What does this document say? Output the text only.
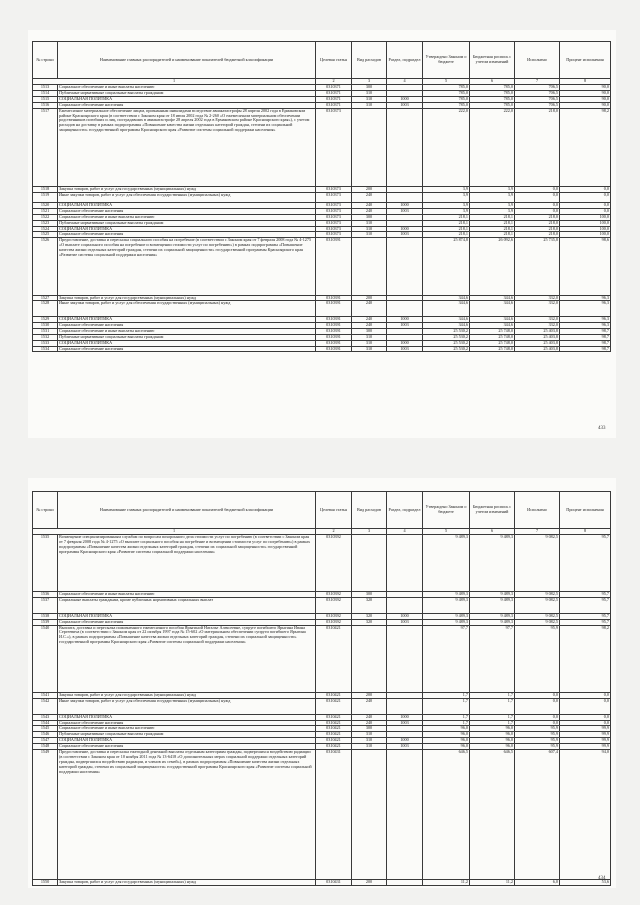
№ строки	Наименование главных распорядителей и наименование показателей бюджетной классификации	Целевая статья	Вид расходов	Раздел, подраздел	Утверждено Законом о бюджете	Бюджетная роспись с учетом изменений	Исполнено	Процент исполнения
1		2	3	4	5	6	7	8
1513	Социальное обеспечение и иные выплаты населению	0310371	300		785,0	785,0	706,5	90,0
1514	Публичные нормативные социальные выплаты гражданам	0310371	310		785,0	785,0	706,5	90,0
1515	СОЦИАЛЬНАЯ ПОЛИТИКА	0310371	310	1000	785,0	785,0	706,5	90,0
1516	Социальное обеспечение населения	0310371	310	1003	785,0	785,0	706,5	90,0
1517	Ежемесячное материальное обеспечение лицам, признанным инвалидами вследствие авиакатастрофы 28 апреля 2002 года в Ермаковском районе Красноярского края (в соответствии с Законом края от 18 июля 2002 года № 2-260 «О ежемесячном материальном обеспечении родственников погибших и лиц, пострадавших в авиакатастрофе 28 апреля 2002 года в Ермаковском районе Красноярского края»), с учетом расходов на доставку в рамках подпрограммы «Повышение качества жизни отдельных категорий граждан, степени их социальной защищенности» государственной программы Красноярского края «Развитие системы социальной поддержки населения»	0310373			222,0	222,0	218,0	98,2
1518	Закупка товаров, работ и услуг для государственных (муниципальных) нужд	0310373	200		3,9	3,9	0,0	0,0
1519	Иные закупки товаров, работ и услуг для обеспечения государственных (муниципальных) нужд	0310373	240		3,9	3,9	0,0	0,0
1520	СОЦИАЛЬНАЯ ПОЛИТИКА	0310373	240	1000	3,9	3,9	0,0	0,0
1521	Социальное обеспечение населения	0310373	240	1003	3,9	3,9	0,0	0,0
1522	Социальное обеспечение и иные выплаты населению	0310373	300		218,1	218,1	218,0	100,0
1523	Публичные нормативные социальные выплаты гражданам	0310373	310		218,1	218,1	218,0	100,0
1524	СОЦИАЛЬНАЯ ПОЛИТИКА	0310373	310	1000	218,1	218,1	218,0	100,0
1525	Социальное обеспечение населения	0310373	310	1003	218,1	218,1	218,0	100,0
1526	Предоставление, доставка и пересылка социального пособия на погребение (в соответствии с Законом края от 7 февраля 2008 года № 4-1275 «О выплате социального пособия на погребение и возмещении стоимости услуг по погребению») в рамках подпрограммы «Повышение качества жизни отдельных категорий граждан, степени их социальной защищенности» государственной программы Красноярского края «Развитие системы социальной поддержки населения»	0310391			25 874,8	26 092,6	25 735,8	98,6
1527	Закупка товаров, работ и услуг для государственных (муниципальных) нужд	0310391	200		344,6	344,6	332,0	96,3
1528	Иные закупки товаров, работ и услуг для обеспечения государственных (муниципальных) нужд	0310391	240		344,6	344,6	332,0	96,3
1529	СОЦИАЛЬНАЯ ПОЛИТИКА	0310391	240	1000	344,6	344,6	332,0	96,3
1530	Социальное обеспечение населения	0310391	240	1003	344,6	344,6	332,0	96,3
1531	Социальное обеспечение и иные выплаты населению	0310391	300		25 530,2	25 748,0	25 403,8	98,7
1532	Публичные нормативные социальные выплаты гражданам	0310391	310		25 530,2	25 748,0	25 403,8	98,7
1533	СОЦИАЛЬНАЯ ПОЛИТИКА	0310391	310	1000	25 530,2	25 748,0	25 403,8	98,7
1534	Социальное обеспечение населения	0310391	310	1003	25 530,2	25 748,0	25 403,8	98,7
433
№ строки	Наименование главных распорядителей и наименование показателей бюджетной классификации	Целевая статья	Вид расходов	Раздел, подраздел	Утверждено Законом о бюджете	Бюджетная роспись с учетом изменений	Исполнено	Процент исполнения
1		2	3	4	5	6	7	8
1535	Возмещение специализированным службам по вопросам похоронного дела стоимости услуг по погребению (в соответствии с Законом края от 7 февраля 2008 года № 4-1275 «О выплате социального пособия на погребение и возмещении стоимости услуг по погребению») в рамках подпрограммы «Повышение качества жизни отдельных категорий граждан, степени их социальной защищенности» государственной программы Красноярского края «Развитие системы социальной поддержки населения»	0310392			9 489,3	9 489,3	9 082,5	95,7
1536	Социальное обеспечение и иные выплаты населению	0310392	300		9 489,3	9 489,3	9 082,5	95,7
1537	Социальные выплаты гражданам, кроме публичных нормативных социальных выплат	0310392	320		9 489,3	9 489,3	9 082,5	95,7
1538	СОЦИАЛЬНАЯ ПОЛИТИКА	0310392	320	1000	9 489,3	9 489,3	9 082,5	95,7
1539	Социальное обеспечение населения	0310392	320	1003	9 489,3	9 489,3	9 082,5	95,7
1540	Выплата, доставка и пересылка пожизненного ежемесячного пособия Ярыгиной Наталье Алексеевне, супруге погибшего Ярыгина Ивана Сергеевича (в соответствии с Законом края от 22 октября 1997 года № 15-602 «О материальном обеспечении супруги погибшего Ярыгина И.С.»), в рамках подпрограммы «Повышение качества жизни отдельных категорий граждан, степени их социальной защищенности» государственной программы Красноярского края «Развитие системы социальной поддержки населения»	0310421			97,7	97,7	95,9	98,2
1541	Закупка товаров, работ и услуг для государственных (муниципальных) нужд	0310421	200		1,7	1,7	0,0	0,0
1542	Иные закупки товаров, работ и услуг для обеспечения государственных (муниципальных) нужд	0310421	240		1,7	1,7	0,0	0,0
1543	СОЦИАЛЬНАЯ ПОЛИТИКА	0310421	240	1000	1,7	1,7	0,0	0,0
1544	Социальное обеспечение населения	0310421	240	1003	1,7	1,7	0,0	0,0
1545	Социальное обеспечение и иные выплаты населению	0310421	300		96,0	96,0	95,9	99,9
1546	Публичные нормативные социальные выплаты гражданам	0310421	310		96,0	96,0	95,9	99,9
1547	СОЦИАЛЬНАЯ ПОЛИТИКА	0310421	310	1000	96,0	96,0	95,9	99,9
1548	Социальное обеспечение населения	0310421	310	1003	96,0	96,0	95,9	99,9
1549	Предоставление, доставка и пересылка ежегодной денежной выплаты отдельным категориям граждан, подвергшихся воздействию радиации (в соответствии с Законом края от 10 ноября 2011 года № 13-6418 «О дополнительных мерах социальной поддержки отдельных категорий граждан, подвергшихся воздействию радиации, и членов их семей»), в рамках подпрограммы «Повышение качества жизни отдельных категорий граждан, степени их социальной защищенности» государственной программы Красноярского края «Развитие системы социальной поддержки населения»	0310431			646,5	646,5	607,4	94,0
1550	Закупка товаров, работ и услуг для государственных (муниципальных) нужд	0310431	200		11,2	11,2	6,0	53,6
434
